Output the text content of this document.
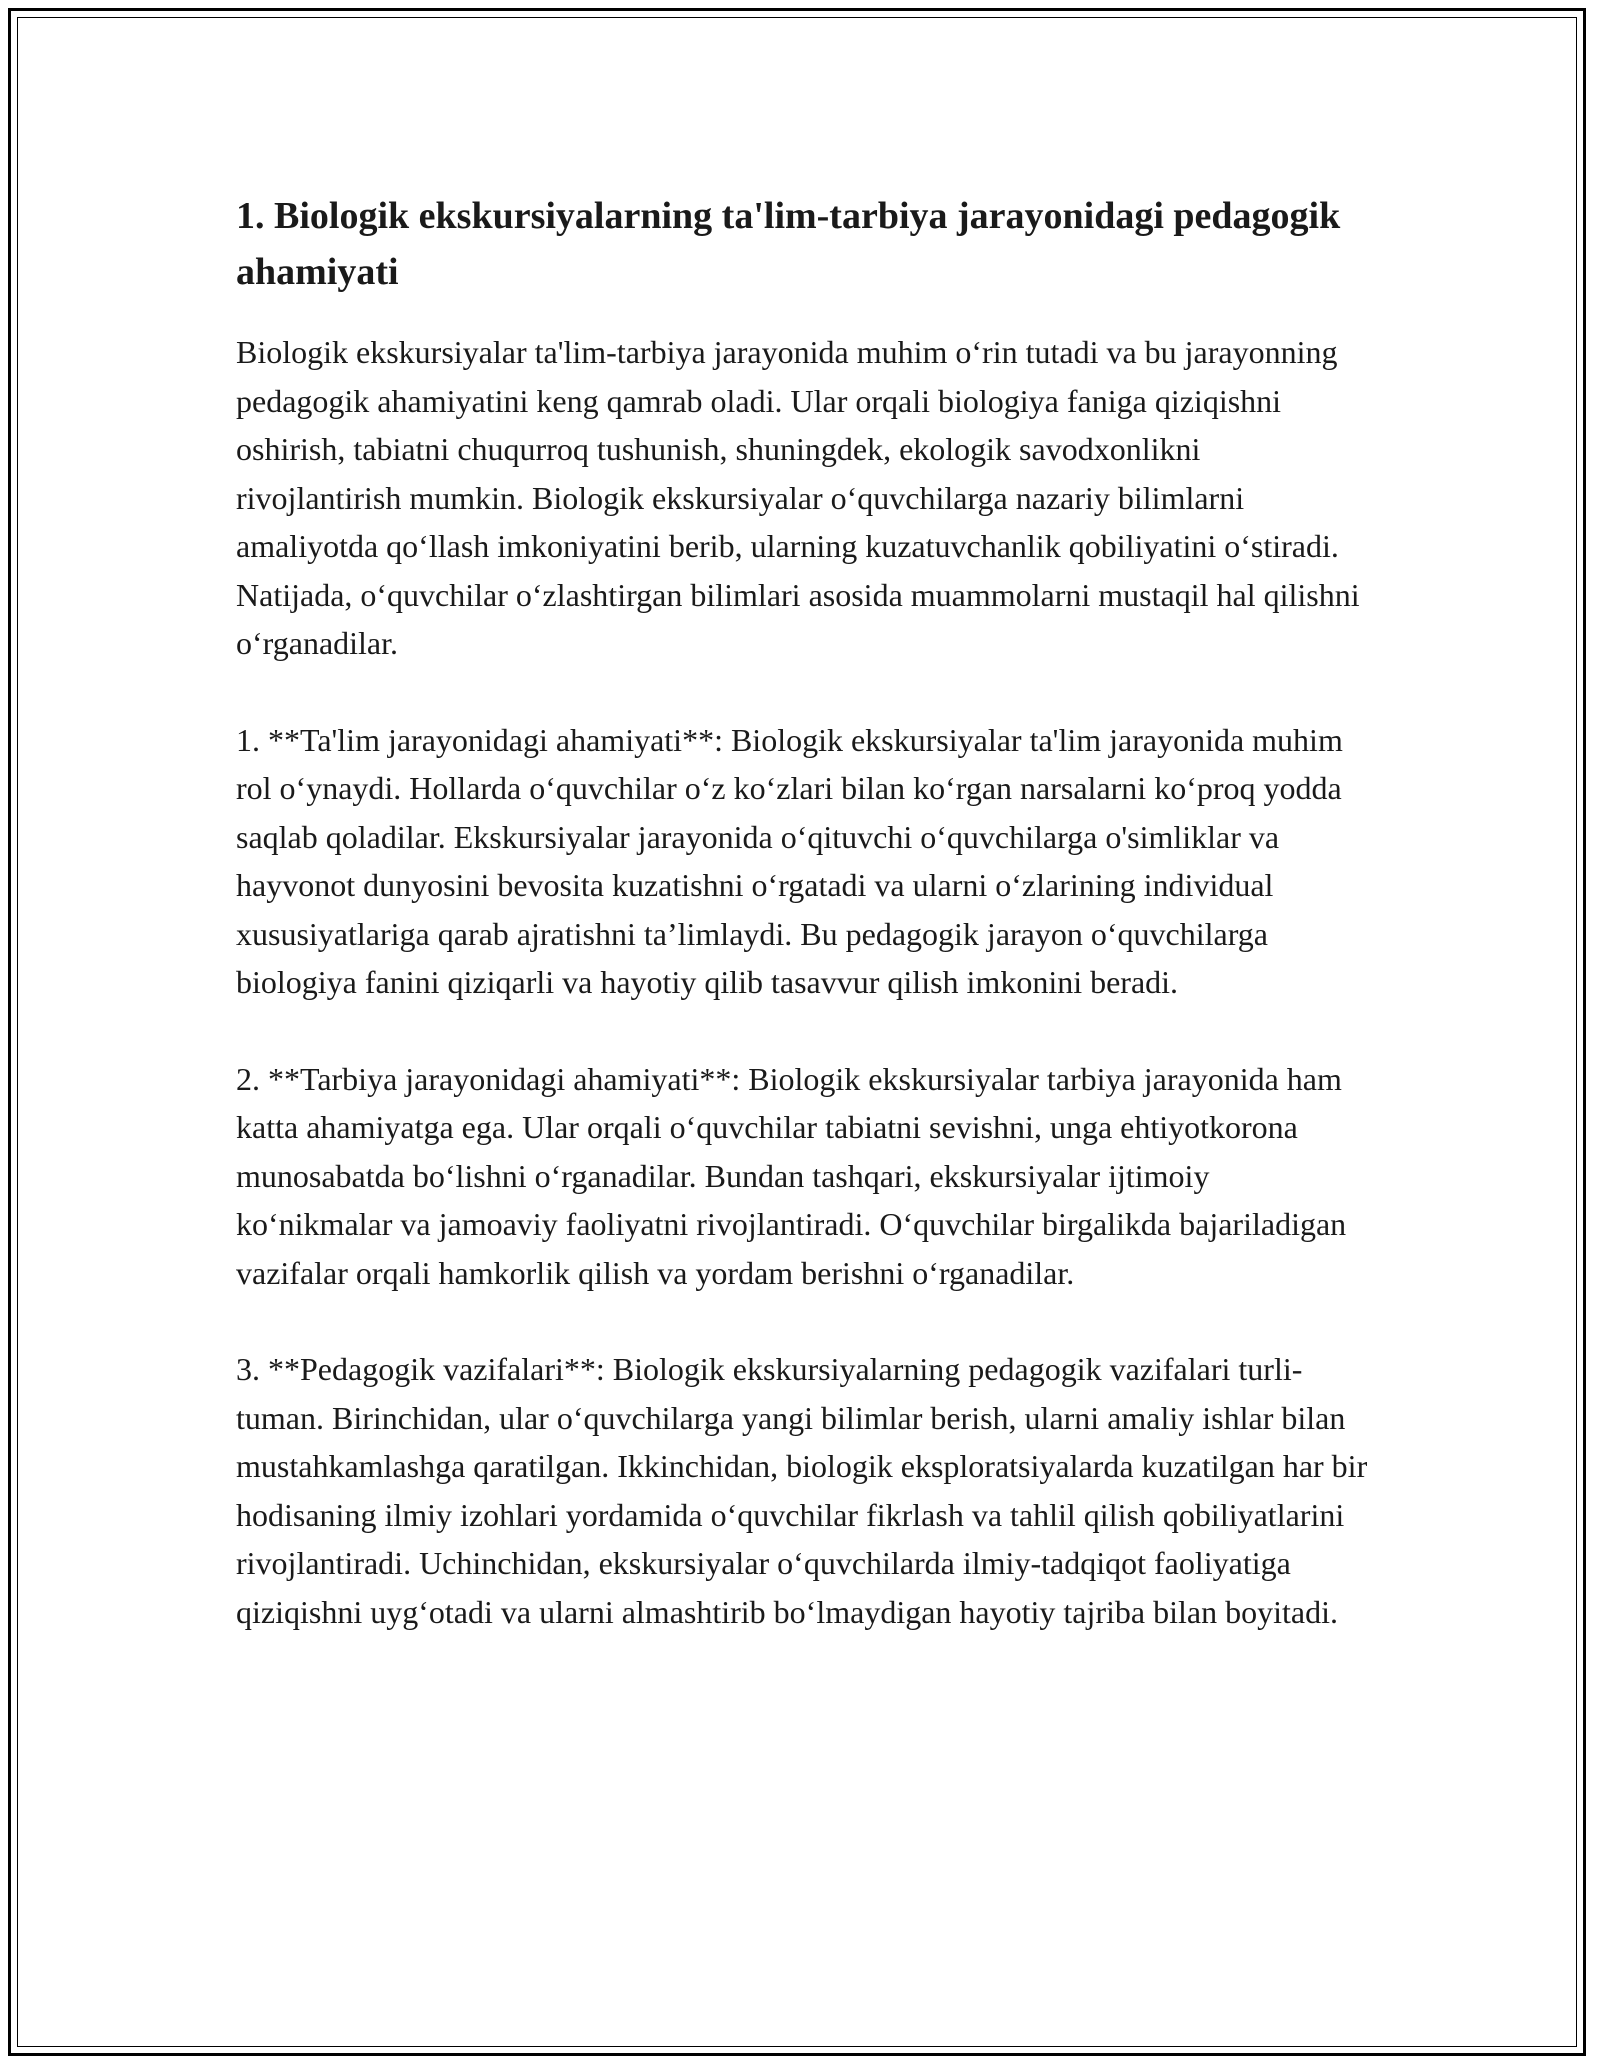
1. Biologik ekskursiyalarning ta'lim-tarbiya jarayonidagi pedagogik ahamiyati

Biologik ekskursiyalar ta'lim-tarbiya jarayonida muhim o‘rin tutadi va bu jarayonning pedagogik ahamiyatini keng qamrab oladi. Ular orqali biologiya faniga qiziqishni oshirish, tabiatni chuqurroq tushunish, shuningdek, ekologik savodxonlikni rivojlantirish mumkin. Biologik ekskursiyalar o‘quvchilarga nazariy bilimlarni amaliyotda qo‘llash imkoniyatini berib, ularning kuzatuvchanlik qobiliyatini o‘stiradi. Natijada, o‘quvchilar o‘zlashtirgan bilimlari asosida muammolarni mustaqil hal qilishni o‘rganadilar.

1. **Ta'lim jarayonidagi ahamiyati**: Biologik ekskursiyalar ta'lim jarayonida muhim rol o‘ynaydi. Hollarda o‘quvchilar o‘z ko‘zlari bilan ko‘rgan narsalarni ko‘proq yodda saqlab qoladilar. Ekskursiyalar jarayonida o‘qituvchi o‘quvchilarga o'simliklar va hayvonot dunyosini bevosita kuzatishni o‘rgatadi va ularni o‘zlarining individual xususiyatlariga qarab ajratishni ta’limlaydi. Bu pedagogik jarayon o‘quvchilarga biologiya fanini qiziqarli va hayotiy qilib tasavvur qilish imkonini beradi.

2. **Tarbiya jarayonidagi ahamiyati**: Biologik ekskursiyalar tarbiya jarayonida ham katta ahamiyatga ega. Ular orqali o‘quvchilar tabiatni sevishni, unga ehtiyotkorona munosabatda bo‘lishni o‘rganadilar. Bundan tashqari, ekskursiyalar ijtimoiy ko‘nikmalar va jamoaviy faoliyatni rivojlantiradi. O‘quvchilar birgalikda bajariladigan vazifalar orqali hamkorlik qilish va yordam berishni o‘rganadilar.

3. **Pedagogik vazifalari**: Biologik ekskursiyalarning pedagogik vazifalari turli-tuman. Birinchidan, ular o‘quvchilarga yangi bilimlar berish, ularni amaliy ishlar bilan mustahkamlashga qaratilgan. Ikkinchidan, biologik eksploratsiyalarda kuzatilgan har bir hodisaning ilmiy izohlari yordamida o‘quvchilar fikrlash va tahlil qilish qobiliyatlarini rivojlantiradi. Uchinchidan, ekskursiyalar o‘quvchilarda ilmiy-tadqiqot faoliyatiga qiziqishni uyg‘otadi va ularni almashtirib bo‘lmaydigan hayotiy tajriba bilan boyitadi.
